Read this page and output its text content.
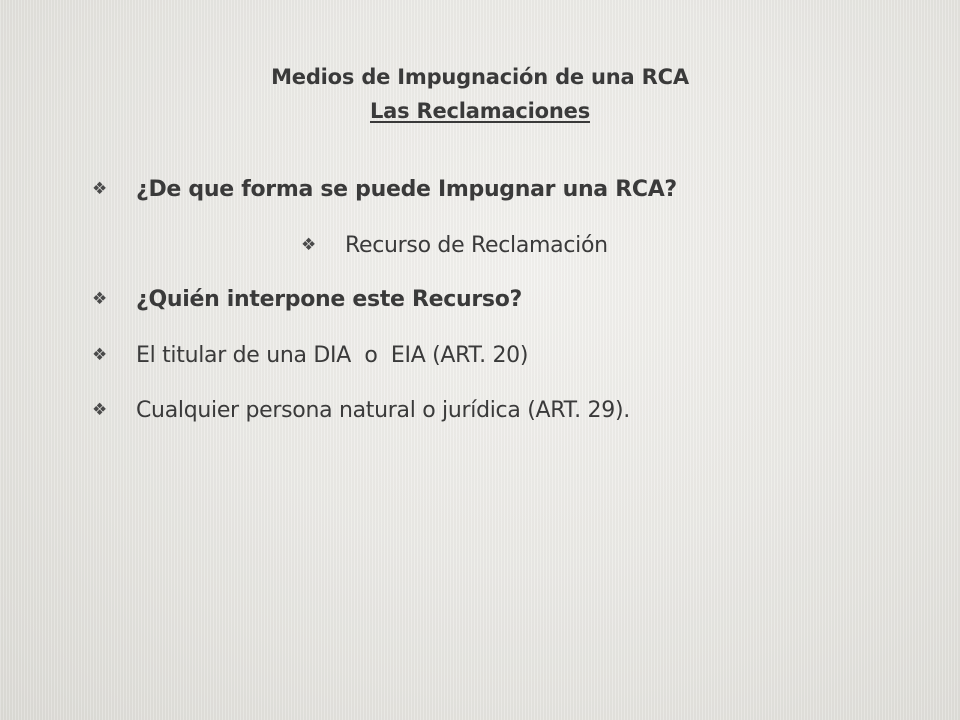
Medios de Impugnación de una RCA
Las Reclamaciones
❖	¿De que forma se puede Impugnar una RCA?
❖	Recurso de Reclamación
❖	¿Quién interpone este Recurso?
❖	El titular de una DIA  o  EIA (ART. 20)
❖	Cualquier persona natural o jurídica (ART. 29).
